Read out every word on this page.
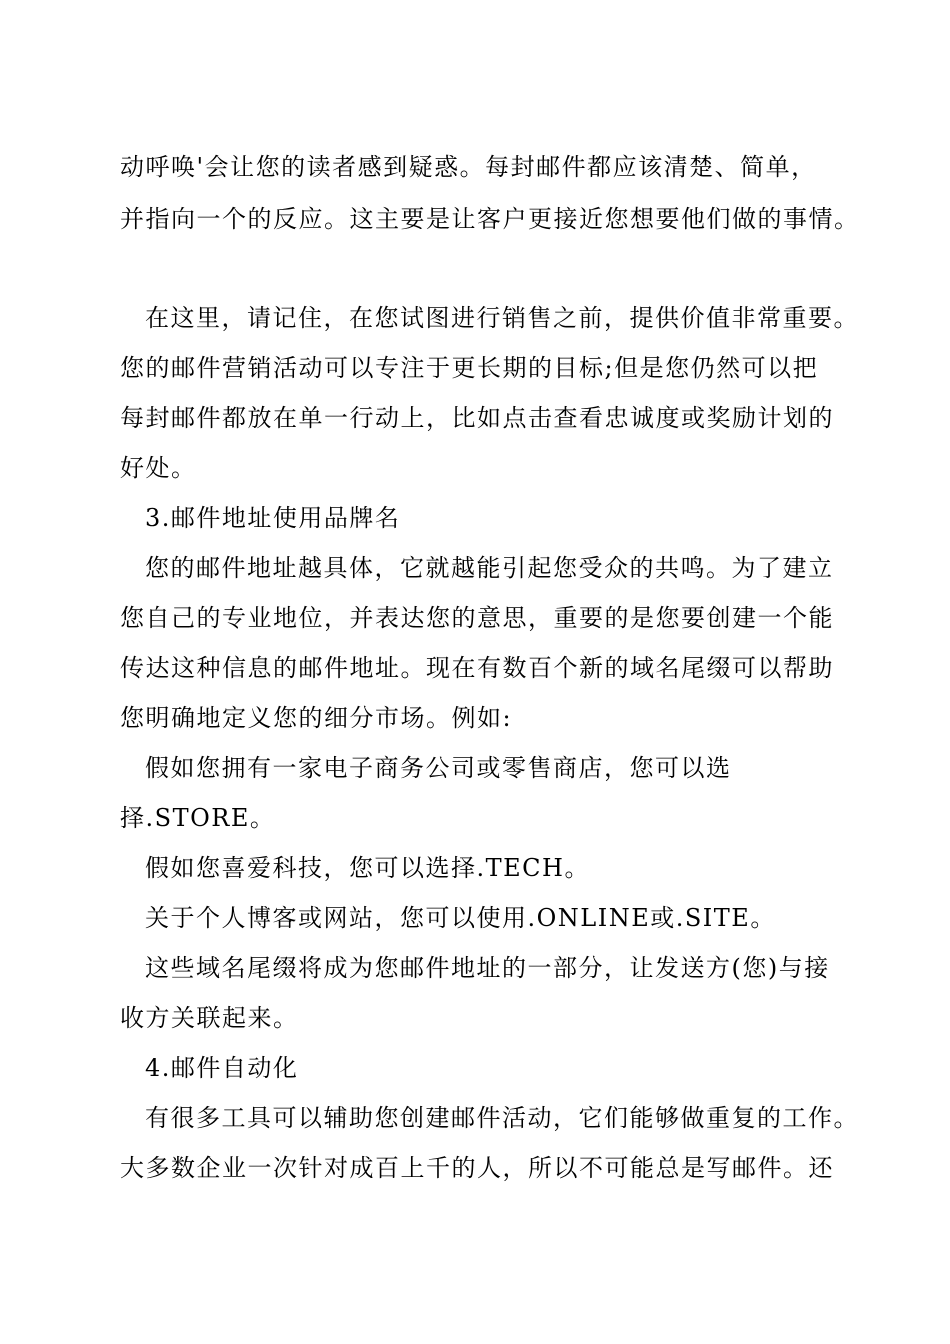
动呼唤'会让您的读者感到疑惑。每封邮件都应该清楚、简单，
并指向一个的反应。这主要是让客户更接近您想要他们做的事情。
在这里，请记住，在您试图进行销售之前，提供价值非常重要。
您的邮件营销活动可以专注于更长期的目标;但是您仍然可以把
每封邮件都放在单一行动上，比如点击查看忠诚度或奖励计划的
好处。
3.邮件地址使用品牌名
您的邮件地址越具体，它就越能引起您受众的共鸣。为了建立
您自己的专业地位，并表达您的意思，重要的是您要创建一个能
传达这种信息的邮件地址。现在有数百个新的域名尾缀可以帮助
您明确地定义您的细分市场。例如:
假如您拥有一家电子商务公司或零售商店，您可以选
择.STORE。
假如您喜爱科技，您可以选择.TECH。
关于个人博客或网站，您可以使用.ONLINE或.SITE。
这些域名尾缀将成为您邮件地址的一部分，让发送方(您)与接
收方关联起来。
4.邮件自动化
有很多工具可以辅助您创建邮件活动，它们能够做重复的工作。
大多数企业一次针对成百上千的人，所以不可能总是写邮件。还
